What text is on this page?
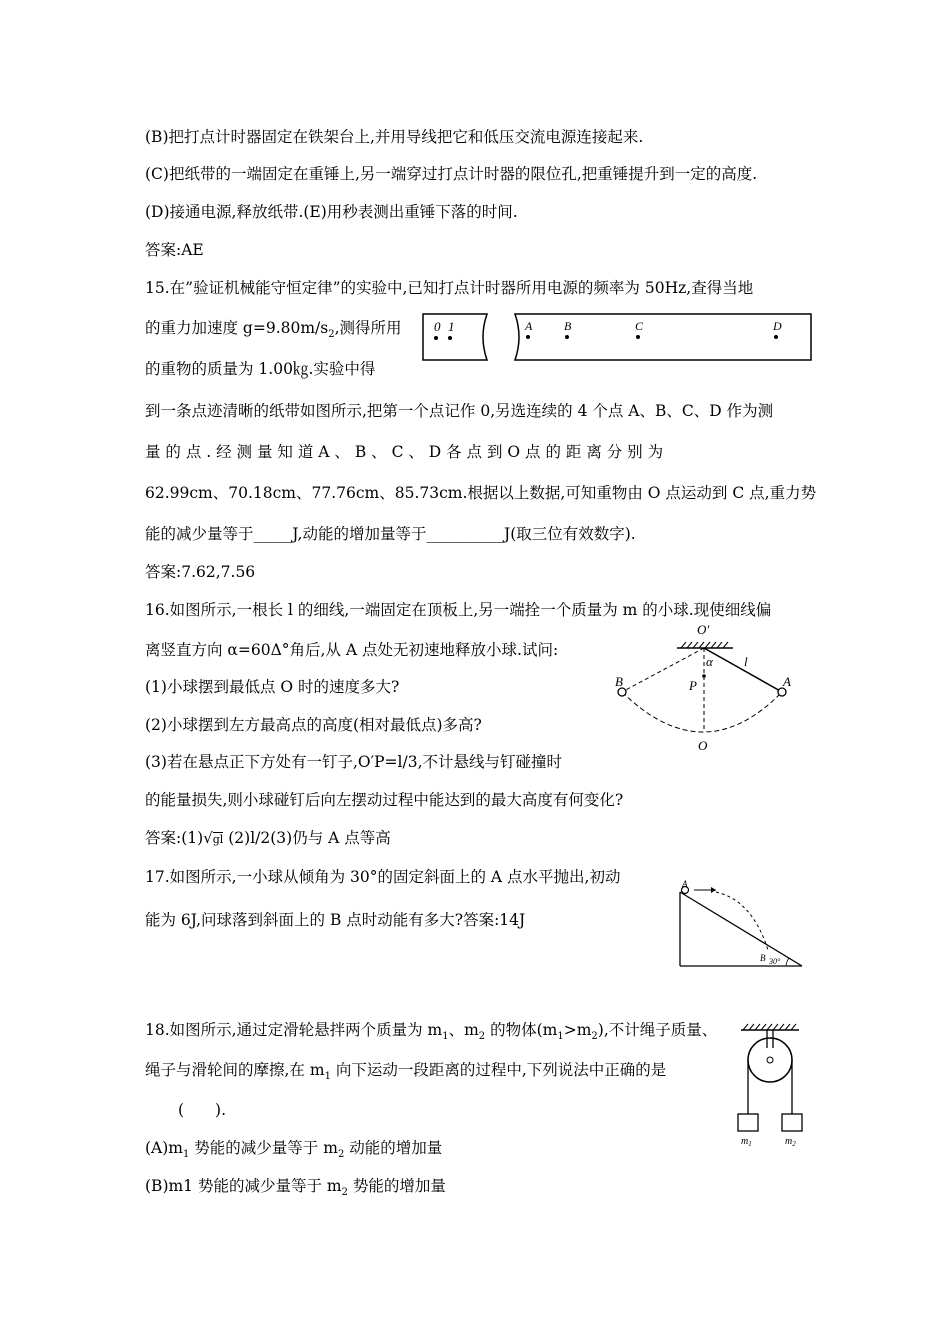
(B)把打点计时器固定在铁架台上,并用导线把它和低压交流电源连接起来.
(C)把纸带的一端固定在重锤上,另一端穿过打点计时器的限位孔,把重锤提升到一定的高度.
(D)接通电源,释放纸带.(E)用秒表测出重锤下落的时间.
答案:AE
15.在”验证机械能守恒定律”的实验中,已知打点计时器所用电源的频率为 50Hz,查得当地
的重力加速度 $g=9.80m/s_2$,测得所用
的重物的质量为 1.00㎏.实验中得
0 1	A	B	C	D
到一条点迹清晰的纸带如图所示,把第一个点记作 0,另选连续的 4 个点 A、B、C、D 作为测
量 的 点 . 经 测 量 知 道 A 、 B 、 C 、 D 各 点 到 O 点 的 距 离 分 别 为
62.99cm、70.18cm、77.76cm、85.73cm.根据以上数据,可知重物由 O 点运动到 C 点,重力势
能的减少量等于_____J,动能的增加量等于__________J(取三位有效数字).
答案:7.62,7.56
16.如图所示,一根长 l 的细线,一端固定在顶板上,另一端拴一个质量为 m 的小球.现使细线偏
离竖直方向 α=60Δ°角后,从 A 点处无初速地释放小球.试问:
(1)小球摆到最低点 O 时的速度多大?
(2)小球摆到左方最高点的高度(相对最低点)多高?
(3)若在悬点正下方处有一钉子,O′P=l/3,不计悬线与钉碰撞时
O′
α l
A
B	P
O
的能量损失,则小球碰钉后向左摆动过程中能达到的最大高度有何变化?
答案:(1)√gl (2)l/2(3)仍与 A 点等高
17.如图所示,一小球从倾角为 30°的固定斜面上的 A 点水平抛出,初动
能为 6J,问球落到斜面上的 B 点时动能有多大?答案:14J
A
B 30°
18.如图所示,通过定滑轮悬拌两个质量为 $m_1$、$m_2$ 的物体$(m_1>m_2)$,不计绳子质量、
绳子与滑轮间的摩擦,在 $m_1$ 向下运动一段距离的过程中,下列说法中正确的是
(　　).
$m_1$	$m_2$
$(A)m_1$ 势能的减少量等于 $m_2$ 动能的增加量
(B)m1 势能的减少量等于 $m_2$ 势能的增加量
